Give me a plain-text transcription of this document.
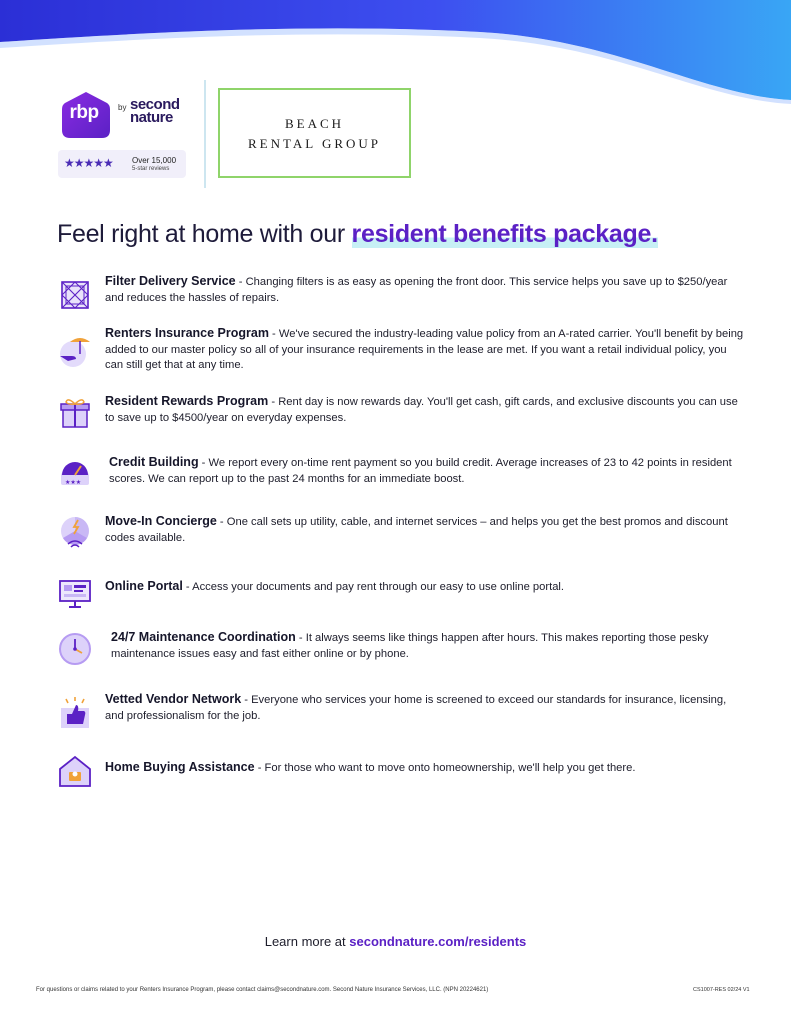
rbp	by second nature
★★★★★ Over 15,000
5-star reviews
BEACH
RENTAL GROUP
Feel right at home with our resident benefits package.
Filter Delivery Service - Changing filters is as easy as opening the front door. This service helps you save up to $250/year and reduces the hassles of repairs.
Renters Insurance Program - We've secured the industry-leading value policy from an A-rated carrier. You'll benefit by being added to our master policy so all of your insurance requirements in the lease are met. If you want a retail individual policy, you can still get that at any time.
Resident Rewards Program - Rent day is now rewards day. You'll get cash, gift cards, and exclusive discounts you can use to save up to $4500/year on everyday expenses.
★★★
Credit Building - We report every on-time rent payment so you build credit. Average increases of 23 to 42 points in resident scores. We can report up to the past 24 months for an immediate boost.
Move-In Concierge - One call sets up utility, cable, and internet services – and helps you get the best promos and discount codes available.
Online Portal - Access your documents and pay rent through our easy to use online portal.
24/7 Maintenance Coordination - It always seems like things happen after hours. This makes reporting those pesky maintenance issues easy and fast either online or by phone.
Vetted Vendor Network - Everyone who services your home is screened to exceed our standards for insurance, licensing, and professionalism for the job.
Home Buying Assistance - For those who want to move onto homeownership, we'll help you get there.
Learn more at secondnature.com/residents
For questions or claims related to your Renters Insurance Program, please contact claims@secondnature.com. Second Nature Insurance Services, LLC. (NPN 20224621)	CS1007-RES 02/24 V1
